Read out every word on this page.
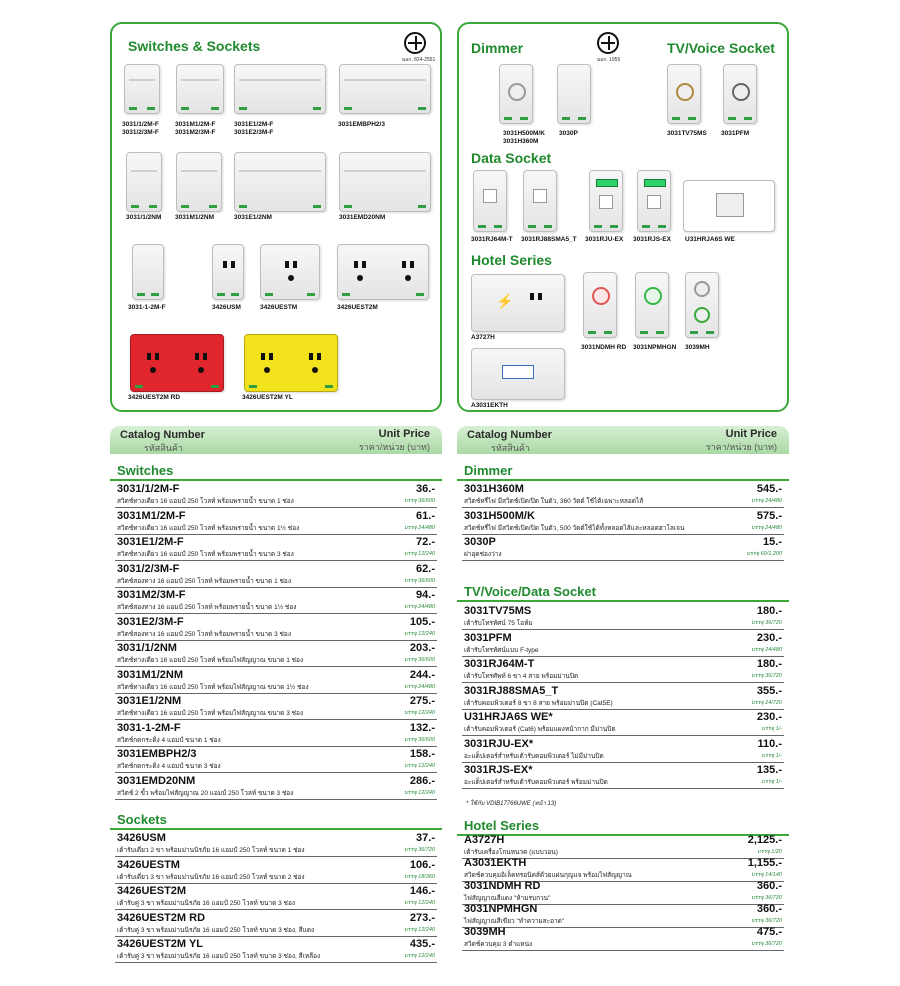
Switches & Sockets
มอก. 824-2551
3031/1/2M-F
3031/2/3M-F
3031M1/2M-F
3031M2/3M-F
3031E1/2M-F
3031E2/3M-F
3031EMBPH2/3
3031/1/2NM 3031M1/2NM	3031E1/2NM	3031EMD20NM
3031-1-2M-F	3426USM	3426UESTM	3426UEST2M
3426UEST2M RD	3426UEST2M YL
Dimmer
มอก. 1955
TV/Voice Socket
3031H500M/K
3031H360M
3030P	3031TV75MS 3031PFM
Data Socket
3031RJ64M-T 3031RJ88SMA5_T 3031RJU-EX 3031RJS-EX U31HRJA6S WE
Hotel Series
⚡
A3727H
3031NDMH RD 3031NPMHGN 3039MH
A3031EKTH
Catalog Number
รหัสสินค้า
Unit Price
ราคา/หน่วย (บาท)
Switches
3031/1/2M-F	36.-
สวิตช์ทางเดียว 16 แอมป์ 250 โวลท์ พร้อมพรายน้ำ ขนาด 1 ช่อง	บรรจุ 36/600
3031M1/2M-F	61.-
สวิตช์ทางเดียว 16 แอมป์ 250 โวลท์ พร้อมพรายน้ำ ขนาด 1½ ช่อง	บรรจุ 24/480
3031E1/2M-F	72.-
สวิตช์ทางเดียว 16 แอมป์ 250 โวลท์ พร้อมพรายน้ำ ขนาด 3 ช่อง	บรรจุ 12/240
3031/2/3M-F	62.-
สวิตช์สองทาง 16 แอมป์ 250 โวลท์ พร้อมพรายน้ำ ขนาด 1 ช่อง	บรรจุ 36/600
3031M2/3M-F	94.-
สวิตช์สองทาง 16 แอมป์ 250 โวลท์ พร้อมพรายน้ำ ขนาด 1½ ช่อง	บรรจุ 24/480
3031E2/3M-F	105.-
สวิตช์สองทาง 16 แอมป์ 250 โวลท์ พร้อมพรายน้ำ ขนาด 3 ช่อง	บรรจุ 12/240
3031/1/2NM	203.-
สวิตช์ทางเดียว 16 แอมป์ 250 โวลท์ พร้อมไฟสัญญาณ ขนาด 1 ช่อง	บรรจุ 36/600
3031M1/2NM	244.-
สวิตช์ทางเดียว 16 แอมป์ 250 โวลท์ พร้อมไฟสัญญาณ ขนาด 1½ ช่อง	บรรจุ 24/480
3031E1/2NM	275.-
สวิตช์ทางเดียว 16 แอมป์ 250 โวลท์ พร้อมไฟสัญญาณ ขนาด 3 ช่อง	บรรจุ 12/240
3031-1-2M-F	132.-
สวิตช์กดกระดิ่ง 4 แอมป์ ขนาด 1 ช่อง	บรรจุ 36/600
3031EMBPH2/3	158.-
สวิตช์กดกระดิ่ง 4 แอมป์ ขนาด 3 ช่อง	บรรจุ 12/240
3031EMD20NM	286.-
สวิตช์ 2 ขั้ว พร้อมไฟสัญญาณ 20 แอมป์ 250 โวลท์ ขนาด 3 ช่อง	บรรจุ 12/240
Sockets
3426USM	37.-
เต้ารับเดี่ยว 2 ขา พร้อมม่านนิรภัย 16 แอมป์ 250 โวลท์ ขนาด 1 ช่อง	บรรจุ 36/720
3426UESTM	106.-
เต้ารับเดี่ยว 3 ขา พร้อมม่านนิรภัย 16 แอมป์ 250 โวลท์ ขนาด 2 ช่อง	บรรจุ 18/360
3426UEST2M	146.-
เต้ารับคู่ 3 ขา พร้อมม่านนิรภัย 16 แอมป์ 250 โวลท์ ขนาด 3 ช่อง	บรรจุ 12/240
3426UEST2M RD	273.-
เต้ารับคู่ 3 ขา พร้อมม่านนิรภัย 16 แอมป์ 250 โวลท์ ขนาด 3 ช่อง, สีแดง	บรรจุ 12/240
3426UEST2M YL	435.-
เต้ารับคู่ 3 ขา พร้อมม่านนิรภัย 16 แอมป์ 250 โวลท์ ขนาด 3 ช่อง, สีเหลือง	บรรจุ 12/240
Catalog Number
รหัสสินค้า
Unit Price
ราคา/หน่วย (บาท)
Dimmer
3031H360M	545.-
สวิตช์หรี่ไฟ มีสวิตช์เปิด/ปิด ในตัว, 360 วัตต์ ใช้ได้เฉพาะหลอดไส้	บรรจุ 24/480
3031H500M/K	575.-
สวิตช์หรี่ไฟ มีสวิตช์เปิด/ปิด ในตัว, 500 วัตต์ใช้ได้ทั้งหลอดไส้และหลอดฮาโลเจน	บรรจุ 24/480
3030P	15.-
ฝาอุดช่องว่าง	บรรจุ 60/1,200
TV/Voice/Data Socket
3031TV75MS	180.-
เต้ารับโทรทัศน์ 75 โอห์ม	บรรจุ 36/720
3031PFM	230.-
เต้ารับโทรทัศน์แบบ F-type	บรรจุ 24/480
3031RJ64M-T	180.-
เต้ารับโทรศัพท์ 6 ขา 4 สาย พร้อมม่านปิด	บรรจุ 36/720
3031RJ88SMA5_T	355.-
เต้ารับคอมพิวเตอร์ 8 ขา 8 สาย พร้อมม่านปิด (Cat5E)	บรรจุ 24/720
U31HRJA6S WE*	230.-
เต้ารับคอมพิวเตอร์ (Cat6) พร้อมแผงหน้ากาก มีม่านปิด	บรรจุ 1/-
3031RJU-EX*	110.-
อะแด็ปเตอร์สำหรับเต้ารับคอมพิวเตอร์ ไม่มีม่านปิด	บรรจุ 1/-
3031RJS-EX*	135.-
อะแด็ปเตอร์สำหรับเต้ารับคอมพิวเตอร์ พร้อมม่านปิด	บรรจุ 1/-
* ใช้กับ VDIB17766UWE (หน้า 13)
Hotel Series
A3727H	2,125.-
เต้ารับเครื่องโกนหนวด (แบบวอน)	บรรจุ 1/20
A3031EKTH	1,155.-
สวิตช์ควบคุมอิเล็คทรอนิคส์ด้วยแผ่นกุญแจ พร้อมไฟสัญญาณ	บรรจุ 14/140
3031NDMH RD	360.-
ไฟสัญญาณสีแดง "ห้ามรบกวน"	บรรจุ 36/720
3031NPMHGN	360.-
ไฟสัญญาณสีเขียว "ทำความสะอาด"	บรรจุ 36/720
3039MH	475.-
สวิตช์ควบคุม 3 ตำแหน่ง	บรรจุ 36/720
